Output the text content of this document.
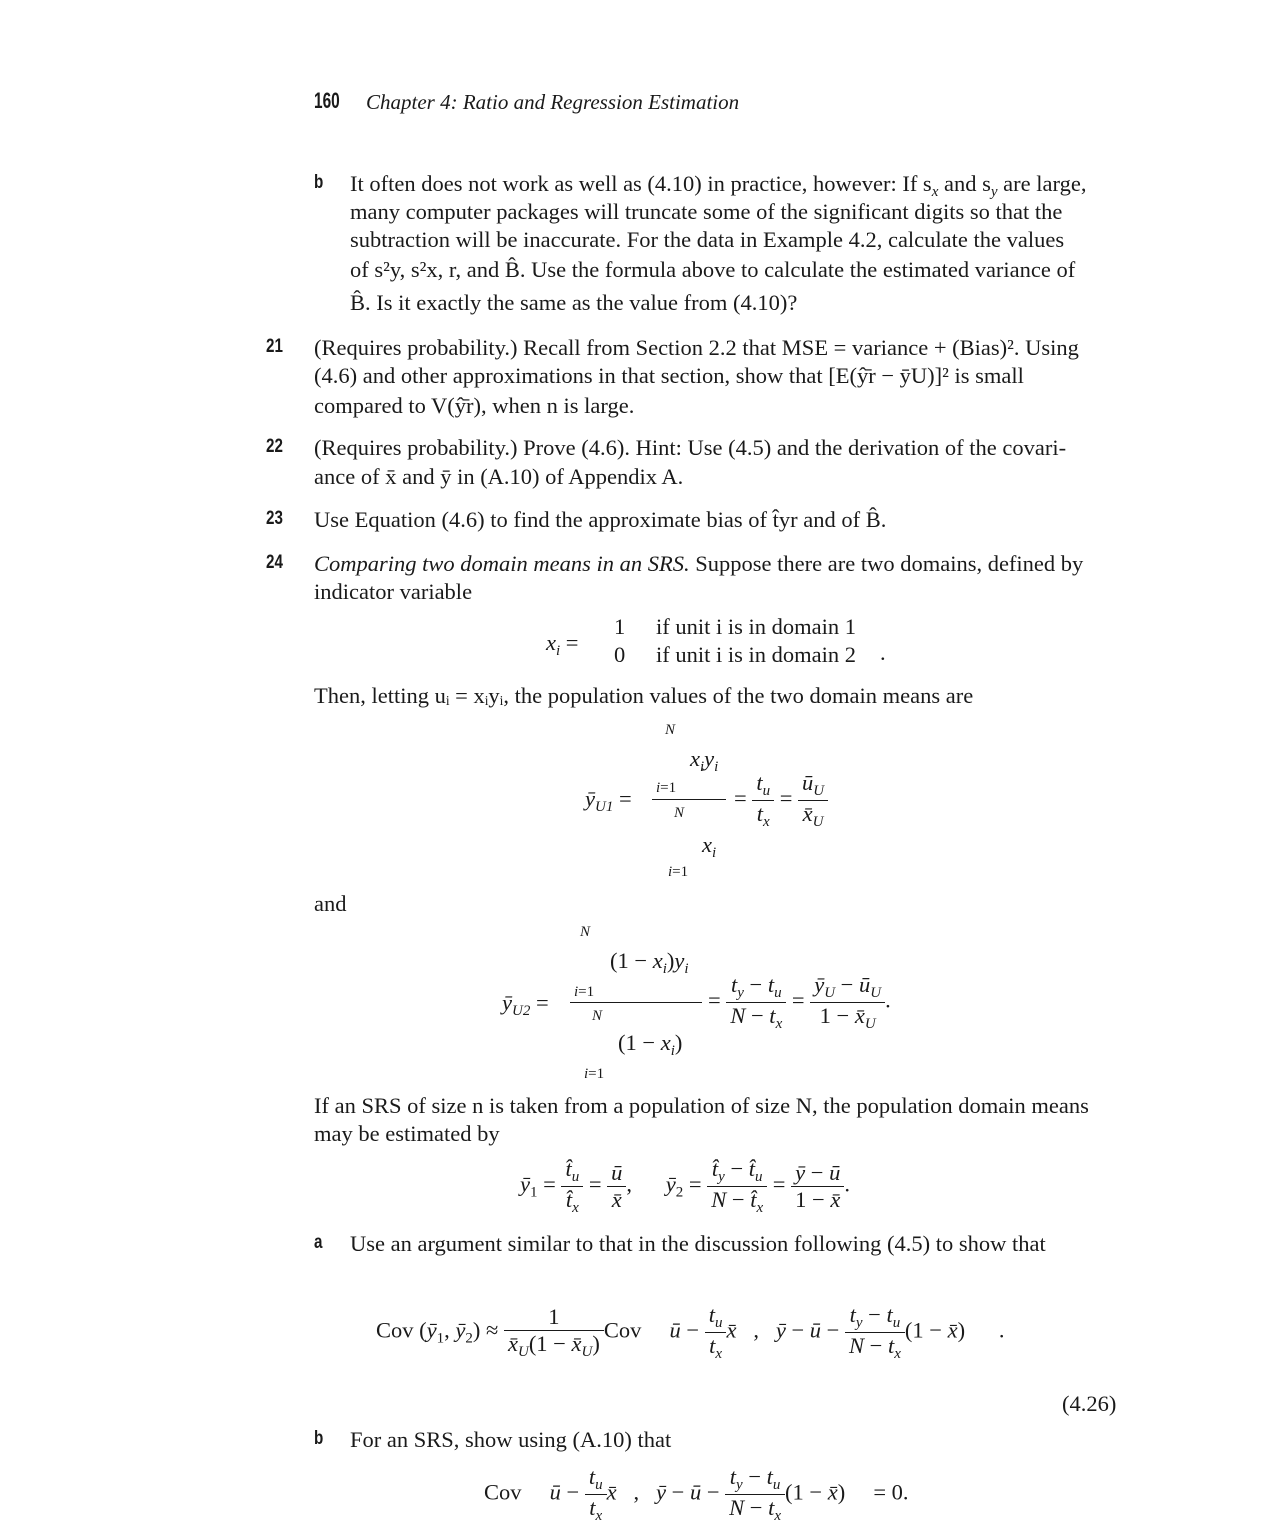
160 Chapter 4: Ratio and Regression Estimation
b It often does not work as well as (4.10) in practice, however: If $s_x$ and $s_y$ are large,
many computer packages will truncate some of the significant digits so that the
subtraction will be inaccurate. For the data in Example 4.2, calculate the values
of s²y, s²x, r, and B̂. Use the formula above to calculate the estimated variance of
B̂. Is it exactly the same as the value from (4.10)?
21 (Requires probability.) Recall from Section 2.2 that MSE = variance + (Bias)². Using
(4.6) and other approximations in that section, show that [E(ŷ̄r − ȳU)]² is small
compared to V(ŷ̄r), when n is large.
22 (Requires probability.) Prove (4.6). Hint: Use (4.5) and the derivation of the covari-
ance of x̄ and ȳ in (A.10) of Appendix A.
23 Use Equation (4.6) to find the approximate bias of t̂yr and of B̂.
24 Comparing two domain means in an SRS. Suppose there are two domains, defined by
indicator variable
$x_i$ =
1
0
if unit i is in domain 1
if unit i is in domain 2 .
Then, letting uᵢ = xᵢyᵢ, the population values of the two domain means are
N
$x_iy_i$
i=1
$ȳ_{U1}$ =
N
$x_i$
i=1
= $\frac{t_u}{t_x} = \frac{ū_U}{x̄_U}$
and
N
$(1 - x_i)y_i$
i=1
$ȳ_{U2}$ =
N
$(1 - x_i)$
i=1
= $\frac{t_y - t_u}{N - t_x} = \frac{ȳ_U - ū_U}{1 - x̄_U}$ .
If an SRS of size n is taken from a population of size N, the population domain means
may be estimated by
$ȳ_1 = \frac{t̂_u}{t̂_x} = \frac{ū}{x̄}$ ,      $ȳ_2 = \frac{t̂_y - t̂_u}{N - t̂_x} = \frac{ȳ - ū}{1 - x̄}$ .
a Use an argument similar to that in the discussion following (4.5) to show that
Cov ($ȳ_1$, $ȳ_2) \approx \frac{1}{x̄_U(1 - x̄_U)}$ Cov     ū − $\frac{t_u}{t_x}$ x̄   ,   ȳ − ū − $\frac{t_y - t_u}{N - t_x} (1$ − x̄) .
(4.26)
b For an SRS, show using (A.10) that
Cov     ū − $\frac{t_u}{t_x}$ x̄   ,   ȳ − ū − $\frac{t_y - t_u}{N - t_x} (1$ − x̄) = 0.
